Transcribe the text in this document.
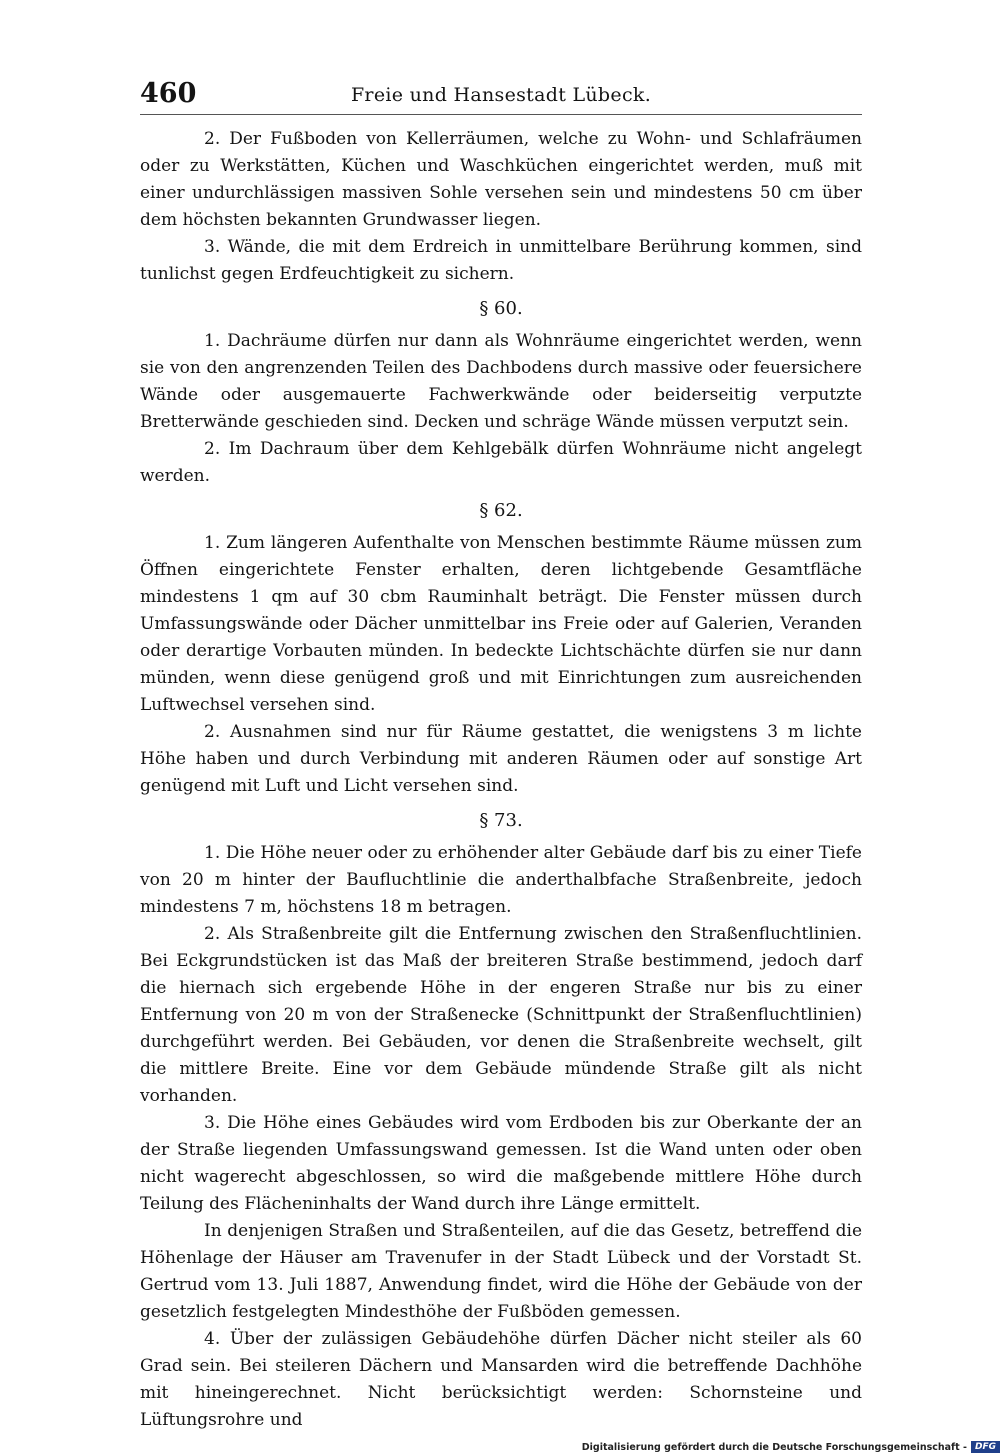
460	Freie und Hansestadt Lübeck.

2. Der Fußboden von Kellerräumen, welche zu Wohn- und Schlafräumen oder zu Werkstätten, Küchen und Waschküchen eingerichtet werden, muß mit einer undurchlässigen massiven Sohle versehen sein und mindestens 50 cm über dem höchsten bekannten Grundwasser liegen.

3. Wände, die mit dem Erdreich in unmittelbare Berührung kommen, sind tunlichst gegen Erdfeuchtigkeit zu sichern.

§ 60.

1. Dachräume dürfen nur dann als Wohnräume eingerichtet werden, wenn sie von den angrenzenden Teilen des Dachbodens durch massive oder feuersichere Wände oder ausgemauerte Fachwerkwände oder beiderseitig verputzte Bretterwände geschieden sind. Decken und schräge Wände müssen verputzt sein.

2. Im Dachraum über dem Kehlgebälk dürfen Wohnräume nicht angelegt werden.

§ 62.

1. Zum längeren Aufenthalte von Menschen bestimmte Räume müssen zum Öffnen eingerichtete Fenster erhalten, deren lichtgebende Gesamtfläche mindestens 1 qm auf 30 cbm Rauminhalt beträgt. Die Fenster müssen durch Umfassungswände oder Dächer unmittelbar ins Freie oder auf Galerien, Veranden oder derartige Vorbauten münden. In bedeckte Lichtschächte dürfen sie nur dann münden, wenn diese genügend groß und mit Einrichtungen zum ausreichenden Luftwechsel versehen sind.

2. Ausnahmen sind nur für Räume gestattet, die wenigstens 3 m lichte Höhe haben und durch Verbindung mit anderen Räumen oder auf sonstige Art genügend mit Luft und Licht versehen sind.

§ 73.

1. Die Höhe neuer oder zu erhöhender alter Gebäude darf bis zu einer Tiefe von 20 m hinter der Baufluchtlinie die anderthalbfache Straßenbreite, jedoch mindestens 7 m, höchstens 18 m betragen.

2. Als Straßenbreite gilt die Entfernung zwischen den Straßenfluchtlinien. Bei Eckgrundstücken ist das Maß der breiteren Straße bestimmend, jedoch darf die hiernach sich ergebende Höhe in der engeren Straße nur bis zu einer Entfernung von 20 m von der Straßenecke (Schnittpunkt der Straßenfluchtlinien) durchgeführt werden. Bei Gebäuden, vor denen die Straßenbreite wechselt, gilt die mittlere Breite. Eine vor dem Gebäude mündende Straße gilt als nicht vorhanden.

3. Die Höhe eines Gebäudes wird vom Erdboden bis zur Oberkante der an der Straße liegenden Umfassungswand gemessen. Ist die Wand unten oder oben nicht wagerecht abgeschlossen, so wird die maßgebende mittlere Höhe durch Teilung des Flächeninhalts der Wand durch ihre Länge ermittelt.

In denjenigen Straßen und Straßenteilen, auf die das Gesetz, betreffend die Höhenlage der Häuser am Travenufer in der Stadt Lübeck und der Vorstadt St. Gertrud vom 13. Juli 1887, Anwendung findet, wird die Höhe der Gebäude von der gesetzlich festgelegten Mindesthöhe der Fußböden gemessen.

4. Über der zulässigen Gebäudehöhe dürfen Dächer nicht steiler als 60 Grad sein. Bei steileren Dächern und Mansarden wird die betreffende Dachhöhe mit hineingerechnet. Nicht berücksichtigt werden: Schornsteine und Lüftungsrohre und

Digitalisierung gefördert durch die Deutsche Forschungsgemeinschaft - DFG
